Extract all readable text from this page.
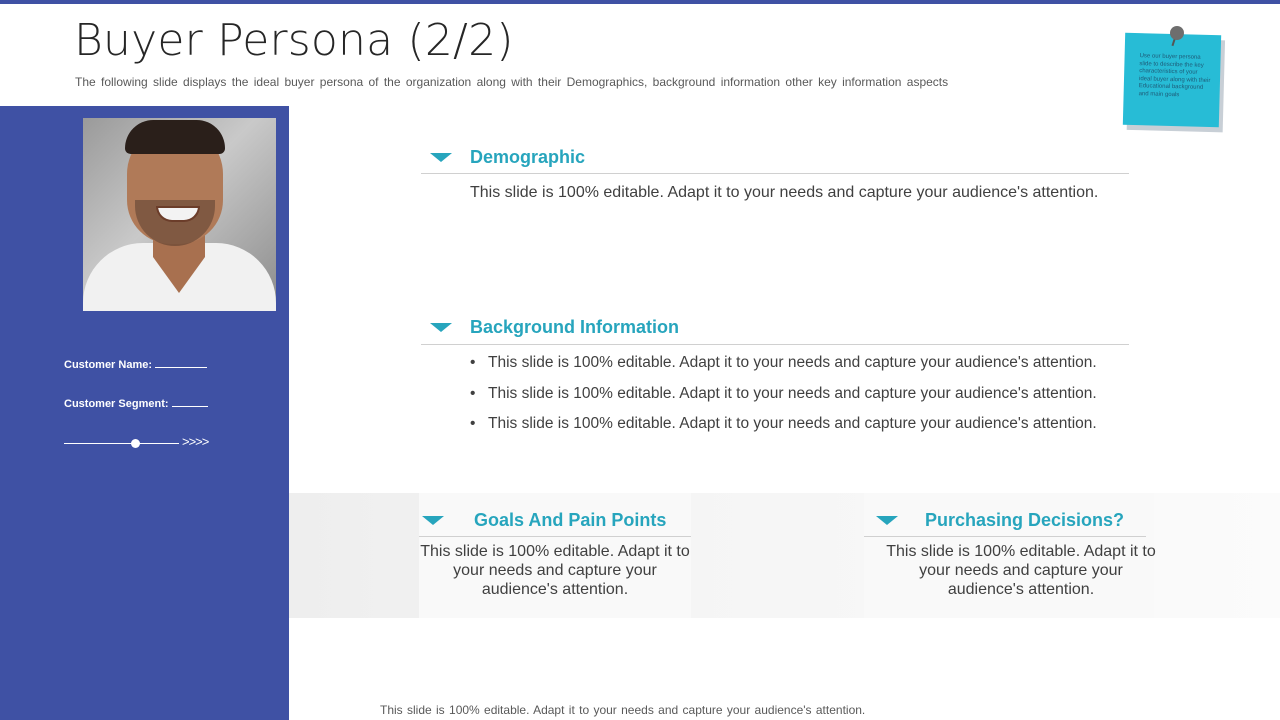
Buyer Persona (2/2)
The following slide displays the ideal buyer persona of the organization along with their Demographics, background information other key information aspects
Customer Name:
Customer Segment:
>>>>
Use our buyer persona slide to describe the key characteristics of your ideal buyer along with their Educational background and main goals
Demographic
This slide is 100% editable. Adapt it to your needs and capture your audience's attention.
Background Information
• This slide is 100% editable. Adapt it to your needs and capture your audience's attention.
• This slide is 100% editable. Adapt it to your needs and capture your audience's attention.
• This slide is 100% editable. Adapt it to your needs and capture your audience's attention.
Goals And Pain Points
This slide is 100% editable. Adapt it to your needs and capture your audience's attention.
Purchasing Decisions?
This slide is 100% editable. Adapt it to your needs and capture your audience's attention.
This slide is 100% editable. Adapt it to your needs and capture your audience's attention.
